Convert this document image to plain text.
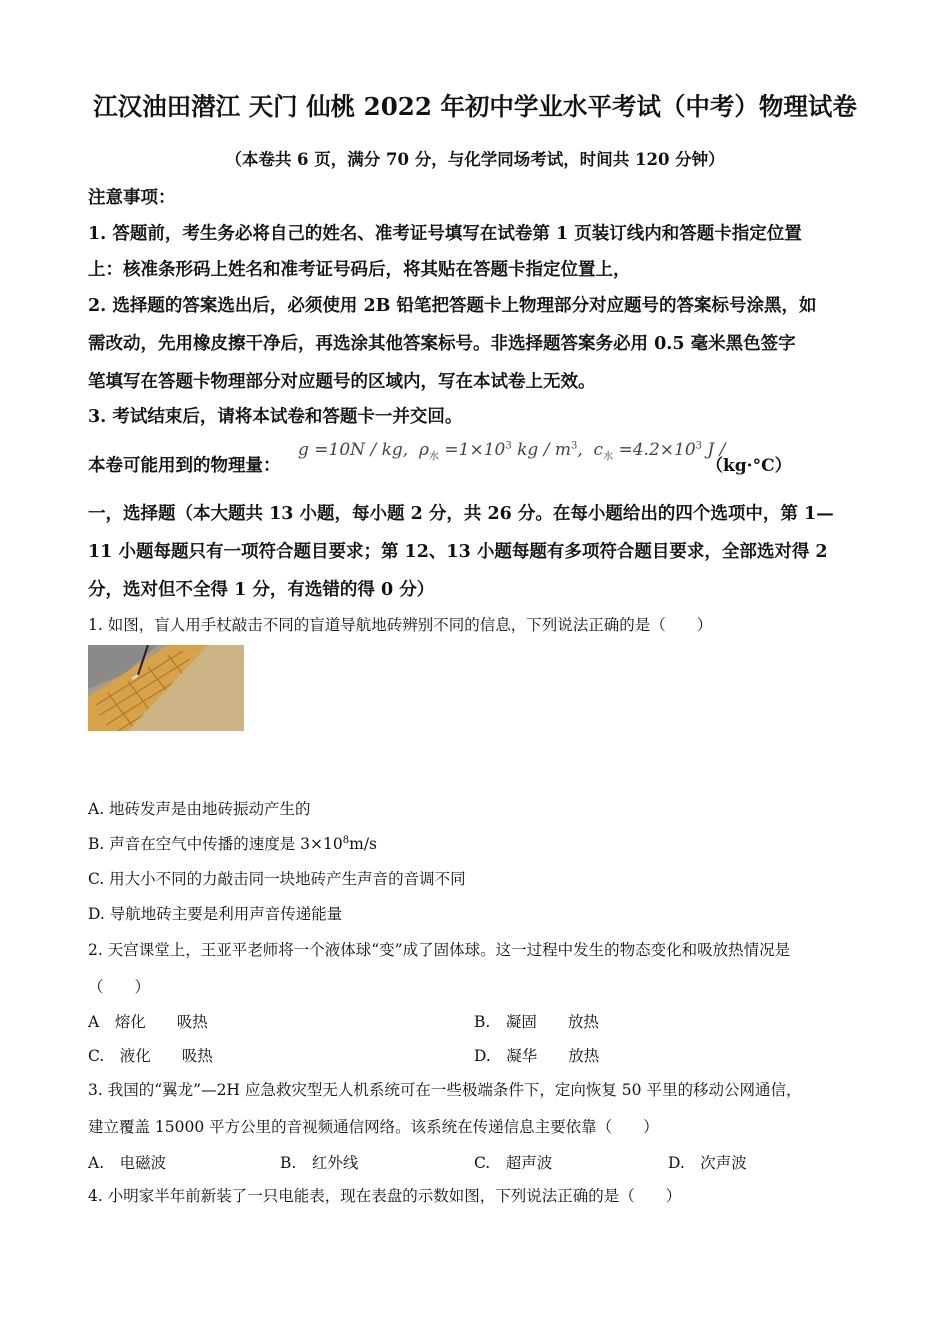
江汉油田潜江 天门 仙桃 2022 年初中学业水平考试（中考）物理试卷
（本卷共 6 页，满分 70 分，与化学同场考试，时间共 120 分钟）
注意事项：
1. 答题前，考生务必将自己的姓名、准考证号填写在试卷第 1 页装订线内和答题卡指定位置
上：核准条形码上姓名和准考证号码后，将其贴在答题卡指定位置上，
2. 选择题的答案选出后，必须使用 2B 铅笔把答题卡上物理部分对应题号的答案标号涂黑，如
需改动，先用橡皮擦干净后，再选涂其他答案标号。非选择题答案务必用 0.5 毫米黑色签字
笔填写在答题卡物理部分对应题号的区域内，写在本试卷上无效。
3. 考试结束后，请将本试卷和答题卡一并交回。
本卷可能用到的物理量：
g =10N / kg, $\rho_水 =1\times 10^3$ kg / $m^3$, $c_水 =4.2\times 10^3$ J /
（kg·°C）
一，选择题（本大题共 13 小题，每小题 2 分，共 26 分。在每小题给出的四个选项中，第 1—
11 小题每题只有一项符合题目要求；第 12、13 小题每题有多项符合题目要求，全部选对得 2
分，选对但不全得 1 分，有选错的得 0 分）
1. 如图，盲人用手杖敲击不同的盲道导航地砖辨别不同的信息，下列说法正确的是（　　）
A. 地砖发声是由地砖振动产生的
B. 声音在空气中传播的速度是 $3\times 10^8m/s$
C. 用大小不同的力敲击同一块地砖产生声音的音调不同
D. 导航地砖主要是利用声音传递能量
2. 天宫课堂上，王亚平老师将一个液体球“变”成了固体球。这一过程中发生的物态变化和吸放热情况是
（　　）
A　熔化　　吸热	B.　凝固　　放热
C.　液化　　吸热	D.　凝华　　放热
3. 我国的“翼龙”—2H 应急救灾型无人机系统可在一些极端条件下，定向恢复 50 平里的移动公网通信，
建立覆盖 15000 平方公里的音视频通信网络。该系统在传递信息主要依靠（　　）
A.　电磁波	B.　红外线	C.　超声波	D.　次声波
4. 小明家半年前新装了一只电能表，现在表盘的示数如图，下列说法正确的是（　　）
